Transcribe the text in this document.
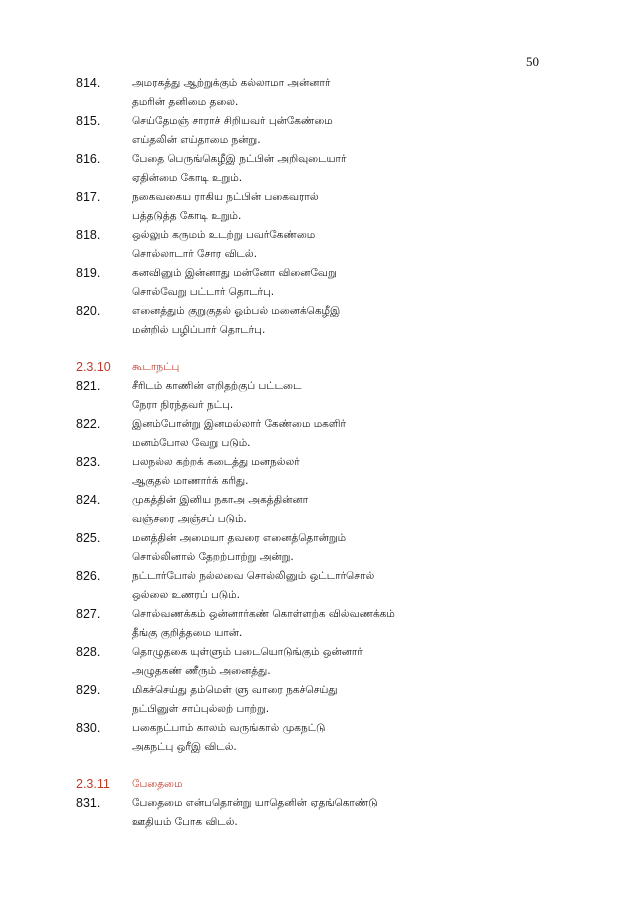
50
814.	அமரகத்து ஆற்றுக்கும் கல்லாமா அன்னார்
தமரின் தனிமை தலை.
815.	செய்தேமஞ் சாராச் சிறியவர் புன்கேண்மை
எய்தலின் எய்தாமை நன்று.
816.	பேதை பெருங்கெழீஇ நட்பின் அறிவுடையார்
ஏதின்மை கோடி உறும்.
817.	நகைவகைய ராகிய நட்பின் பகைவரால்
பத்தடுத்த கோடி உறும்.
818.	ஒல்லும் கருமம் உடற்று பவர்கேண்மை
சொல்லாடார் சோர விடல்.
819.	கனவினும் இன்னாது மன்னோ வினைவேறு
சொல்வேறு பட்டார் தொடர்பு.
820.	எனைத்தும் குறுகுதல் ஓம்பல் மனைக்கெழீஇ
மன்றில் பழிப்பார் தொடர்பு.
2.3.10	கூடாநட்பு
821.	சீரிடம் காணின் எறிதற்குப் பட்டடை
நேரா நிரந்தவர் நட்பு.
822.	இனம்போன்று இனமல்லார் கேண்மை மகளிர்
மனம்போல வேறு படும்.
823.	பலநல்ல கற்றக் கடைத்து மனநல்லர்
ஆகுதல் மாணார்க் கரிது.
824.	முகத்தின் இனிய நகாஅ அகத்தின்னா
வஞ்சரை அஞ்சப் படும்.
825.	மனத்தின் அமையா தவரை எனைத்தொன்றும்
சொல்லினால் தேறற்பாற்று அன்று.
826.	நட்டார்போல் நல்லவை சொல்லினும் ஒட்டார்சொல்
ஒல்லை உணரப் படும்.
827.	சொல்வணக்கம் ஒன்னார்கண் கொள்ளற்க வில்வணக்கம்
தீங்கு குறித்தமை யான்.
828.	தொழுதகை யுள்ளும் படையொடுங்கும் ஒன்னார்
அழுதகண் ணீரும் அனைத்து.
829.	மிகச்செய்து தம்மெள் ளு வாரை நகச்செய்து
நட்பினுள் சாப்புல்லற் பாற்று.
830.	பகைநட்பாம் காலம் வருங்கால் முகநட்டு
அகநட்பு ஒரீஇ விடல்.
2.3.11	பேதைமை
831.	பேதைமை என்பதொன்று யாதெனின் ஏதங்கொண்டு
ஊதியம் போக விடல்.
